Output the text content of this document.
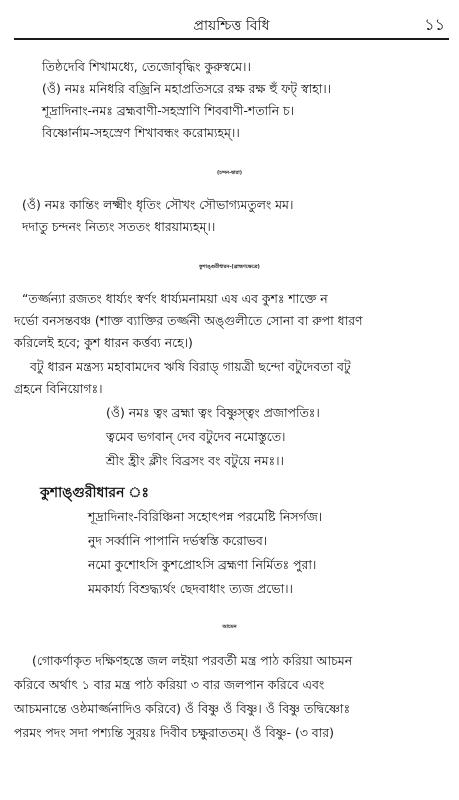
প্রায়শ্চিত্ত বিধি	১১
তিষ্ঠদেবি শিখামধ্যে, তেজোবৃদ্ধিং কুরুস্বমে।।
(ওঁ) নমঃ মনিধরি বজ্রিনি মহাপ্রতিসরে রক্ষ রক্ষ হুঁ ফট্ স্বাহা।।
শূদ্রাদিনাং-নমঃ ব্রহ্মবাণী-সহস্রাণি শিববাণী-শতানি চ।
বিষ্ণোর্নাম-সহস্রেণ শিখাবন্ধং করোম্যহম্।।
(চন্দন-দ্বারা)
(ওঁ) নমঃ কান্তিং লক্ষ্মীং ধৃতিং সৌখং সৌভাগ্যমতুলং মম।
দদাতু চন্দনং নিত্যং সততং ধারয়াম্যহম্।।
কুশাঙ্গুরীধারন-(ব্রাহ্মণক্ষেত্রে)
“তর্জ্জন্যা রজতং ধার্য্যং স্বর্ণং ধার্য্যমনাময়া এষ এব কুশঃ শাক্তে ন
দর্ভো বনসন্তবঞ্চ (শাক্ত ব্যাক্তির তর্জ্জনী অঙ্গুলীতে সোনা বা রুপা ধারণ
করিলেই হবে; কুশ ধারন কর্ত্তব্য নহে।)
বটু ধারন মন্ত্রস্য মহাবামদেব ঋষি বিরাড্ গায়ত্রী ছন্দো বটুদেবতা বটু
গ্রহনে বিনিয়োগঃ।
(ওঁ) নমঃ ত্বং ব্রহ্মা ত্বং বিষ্ণুস্ত্বং প্রজাপতিঃ।
ত্বমেব ভগবান্ দেব বটুদেব নমোস্তুতে।
শ্রীং হ্রীং ক্লীং বিব্রসং বং বটুয়ে নমঃ।।
কুশাঙ্গুরীধারন ঃ
শূদ্রাদিনাং-বিরিঞ্চিনা সহোৎপন্ন পরমেষ্টি নিসর্গজ।
নুদ সর্ব্বানি পাপানি দর্ভস্বস্তি করোভব।
নমো কুশোঽসি কুশপ্রোঽসি ব্রহ্মণা নির্মিতঃ পুরা।
মমকার্য্য বিশুদ্ধ্যর্থং ছেদবাধাং ত্যজ প্রভো।।
আচমন
(গোকর্ণাকৃত দক্ষিণহস্তে জল লইয়া পরবর্তী মন্ত্র পাঠ করিয়া আচমন
করিবে অর্থাৎ ১ বার মন্ত্র পাঠ করিয়া ৩ বার জলপান করিবে এবং
আচমনান্তে ওষ্ঠমার্জ্জনাদিও করিবে) ওঁ বিষ্ণু ওঁ বিষ্ণু। ওঁ বিষ্ণু তদ্বিষ্ণোঃ
পরমং পদং সদা পশ্যন্তি সুরয়ঃ দিবীব চক্ষুরাততম্। ওঁ বিষ্ণু- (৩ বার)
